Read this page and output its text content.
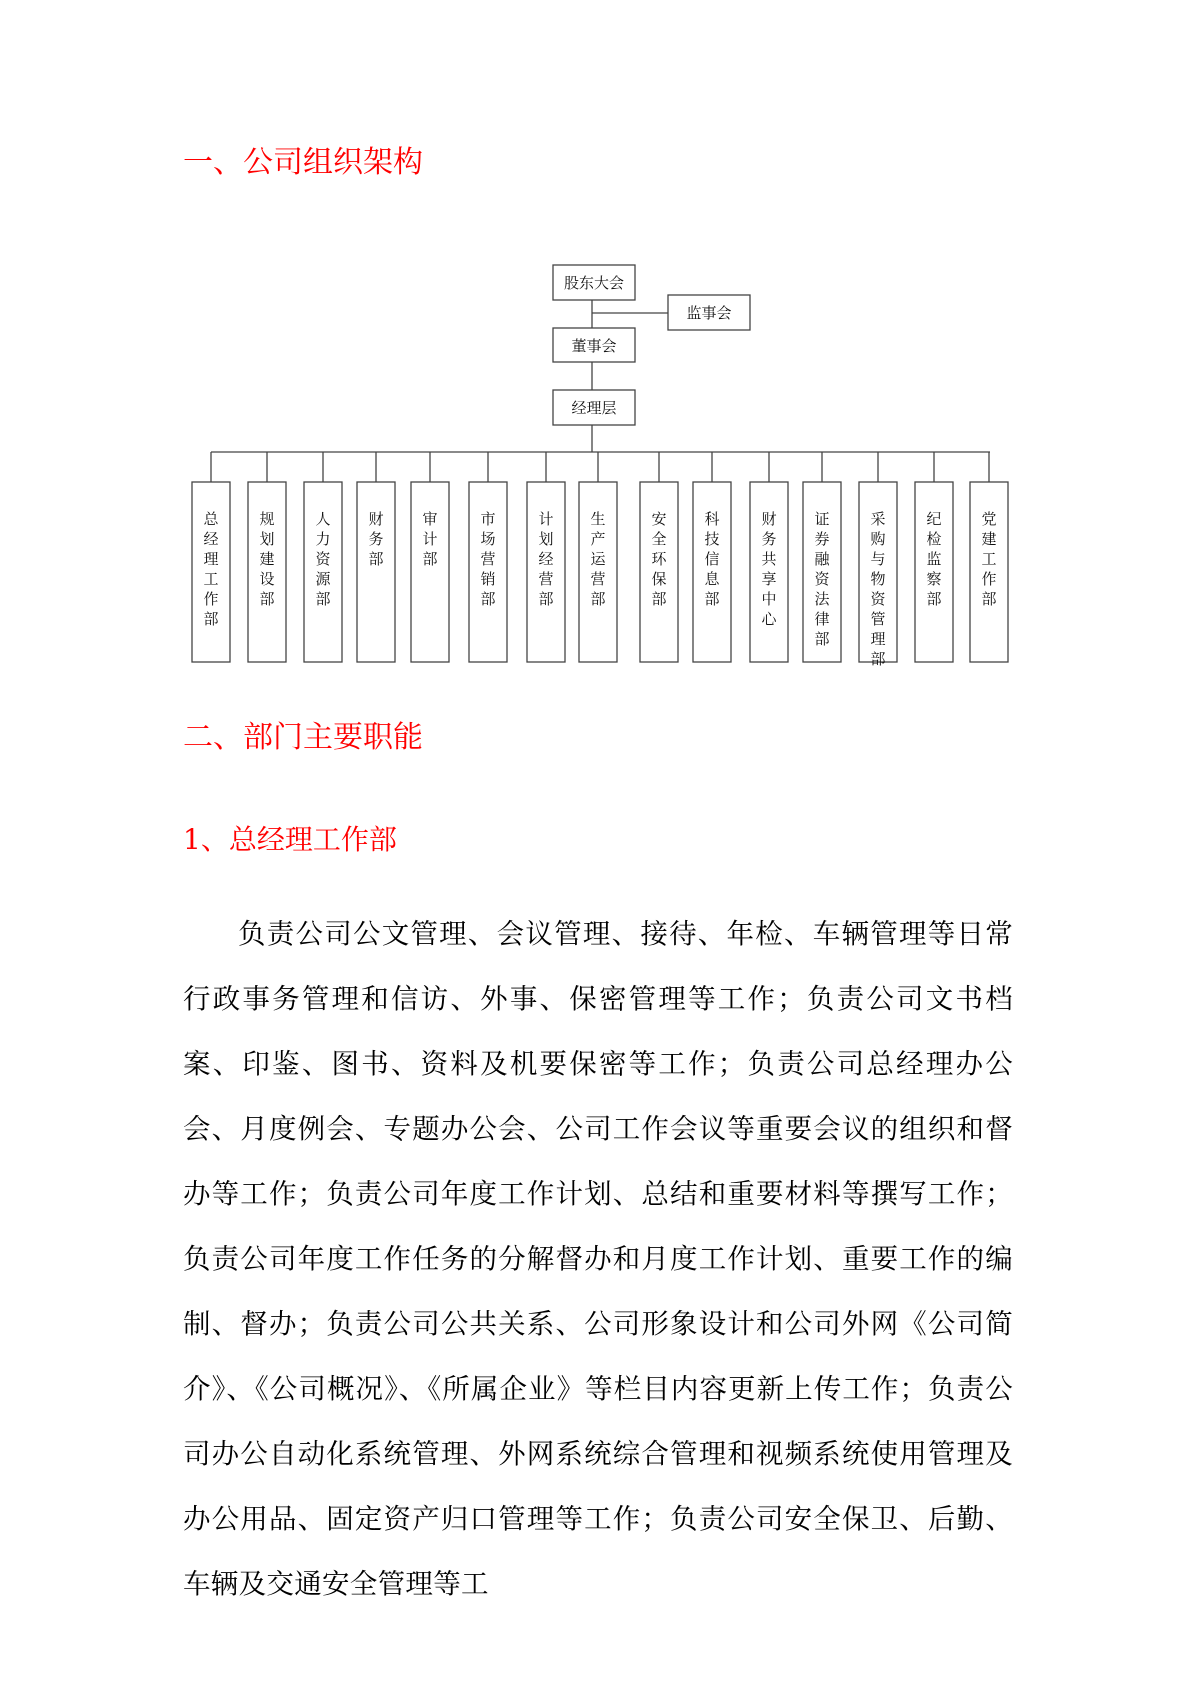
一、公司组织架构
股东大会
监事会
董事会
经理层
总经理工作部
规划建设部
人力资源部
财务部
审计部
市场营销部
计划经营部
生产运营部
安全环保部
科技信息部
财务共享中心
证券融资法律部
采购与物资管理部
纪检监察部
党建工作部
二、部门主要职能
1、总经理工作部

负责公司公文管理、会议管理、接待、年检、车辆管理等日常行政事务管理和信访、外事、保密管理等工作；负责公司文书档案、印鉴、图书、资料及机要保密等工作；负责公司总经理办公会、月度例会、专题办公会、公司工作会议等重要会议的组织和督办等工作；负责公司年度工作计划、总结和重要材料等撰写工作；负责公司年度工作任务的分解督办和月度工作计划、重要工作的编制、督办；负责公司公共关系、公司形象设计和公司外网《公司简介》、《公司概况》、《所属企业》等栏目内容更新上传工作；负责公司办公自动化系统管理、外网系统综合管理和视频系统使用管理及办公用品、固定资产归口管理等工作；负责公司安全保卫、后勤、车辆及交通安全管理等工
